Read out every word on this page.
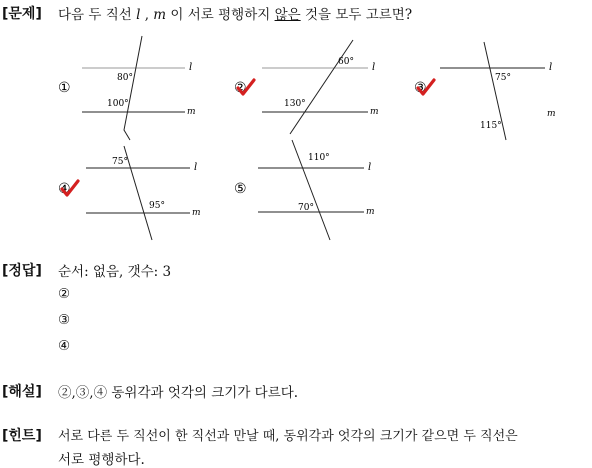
[문제] 다음 두 직선 l , m 이 서로 평행하지 않은 것을 모두 고르면?
①
80°
100°
l
m
②
60°
130°
l
m
③
75°
115°
l
m
④
75°
95°
l
m
⑤
110°
70°
l
m
[정답] 순서: 없음, 갯수: 3
②
③
④
[해설] ②,③,④ 동위각과 엇각의 크기가 다르다.
[힌트] 서로 다른 두 직선이 한 직선과 만날 때, 동위각과 엇각의 크기가 같으면 두 직선은
서로 평행하다.
